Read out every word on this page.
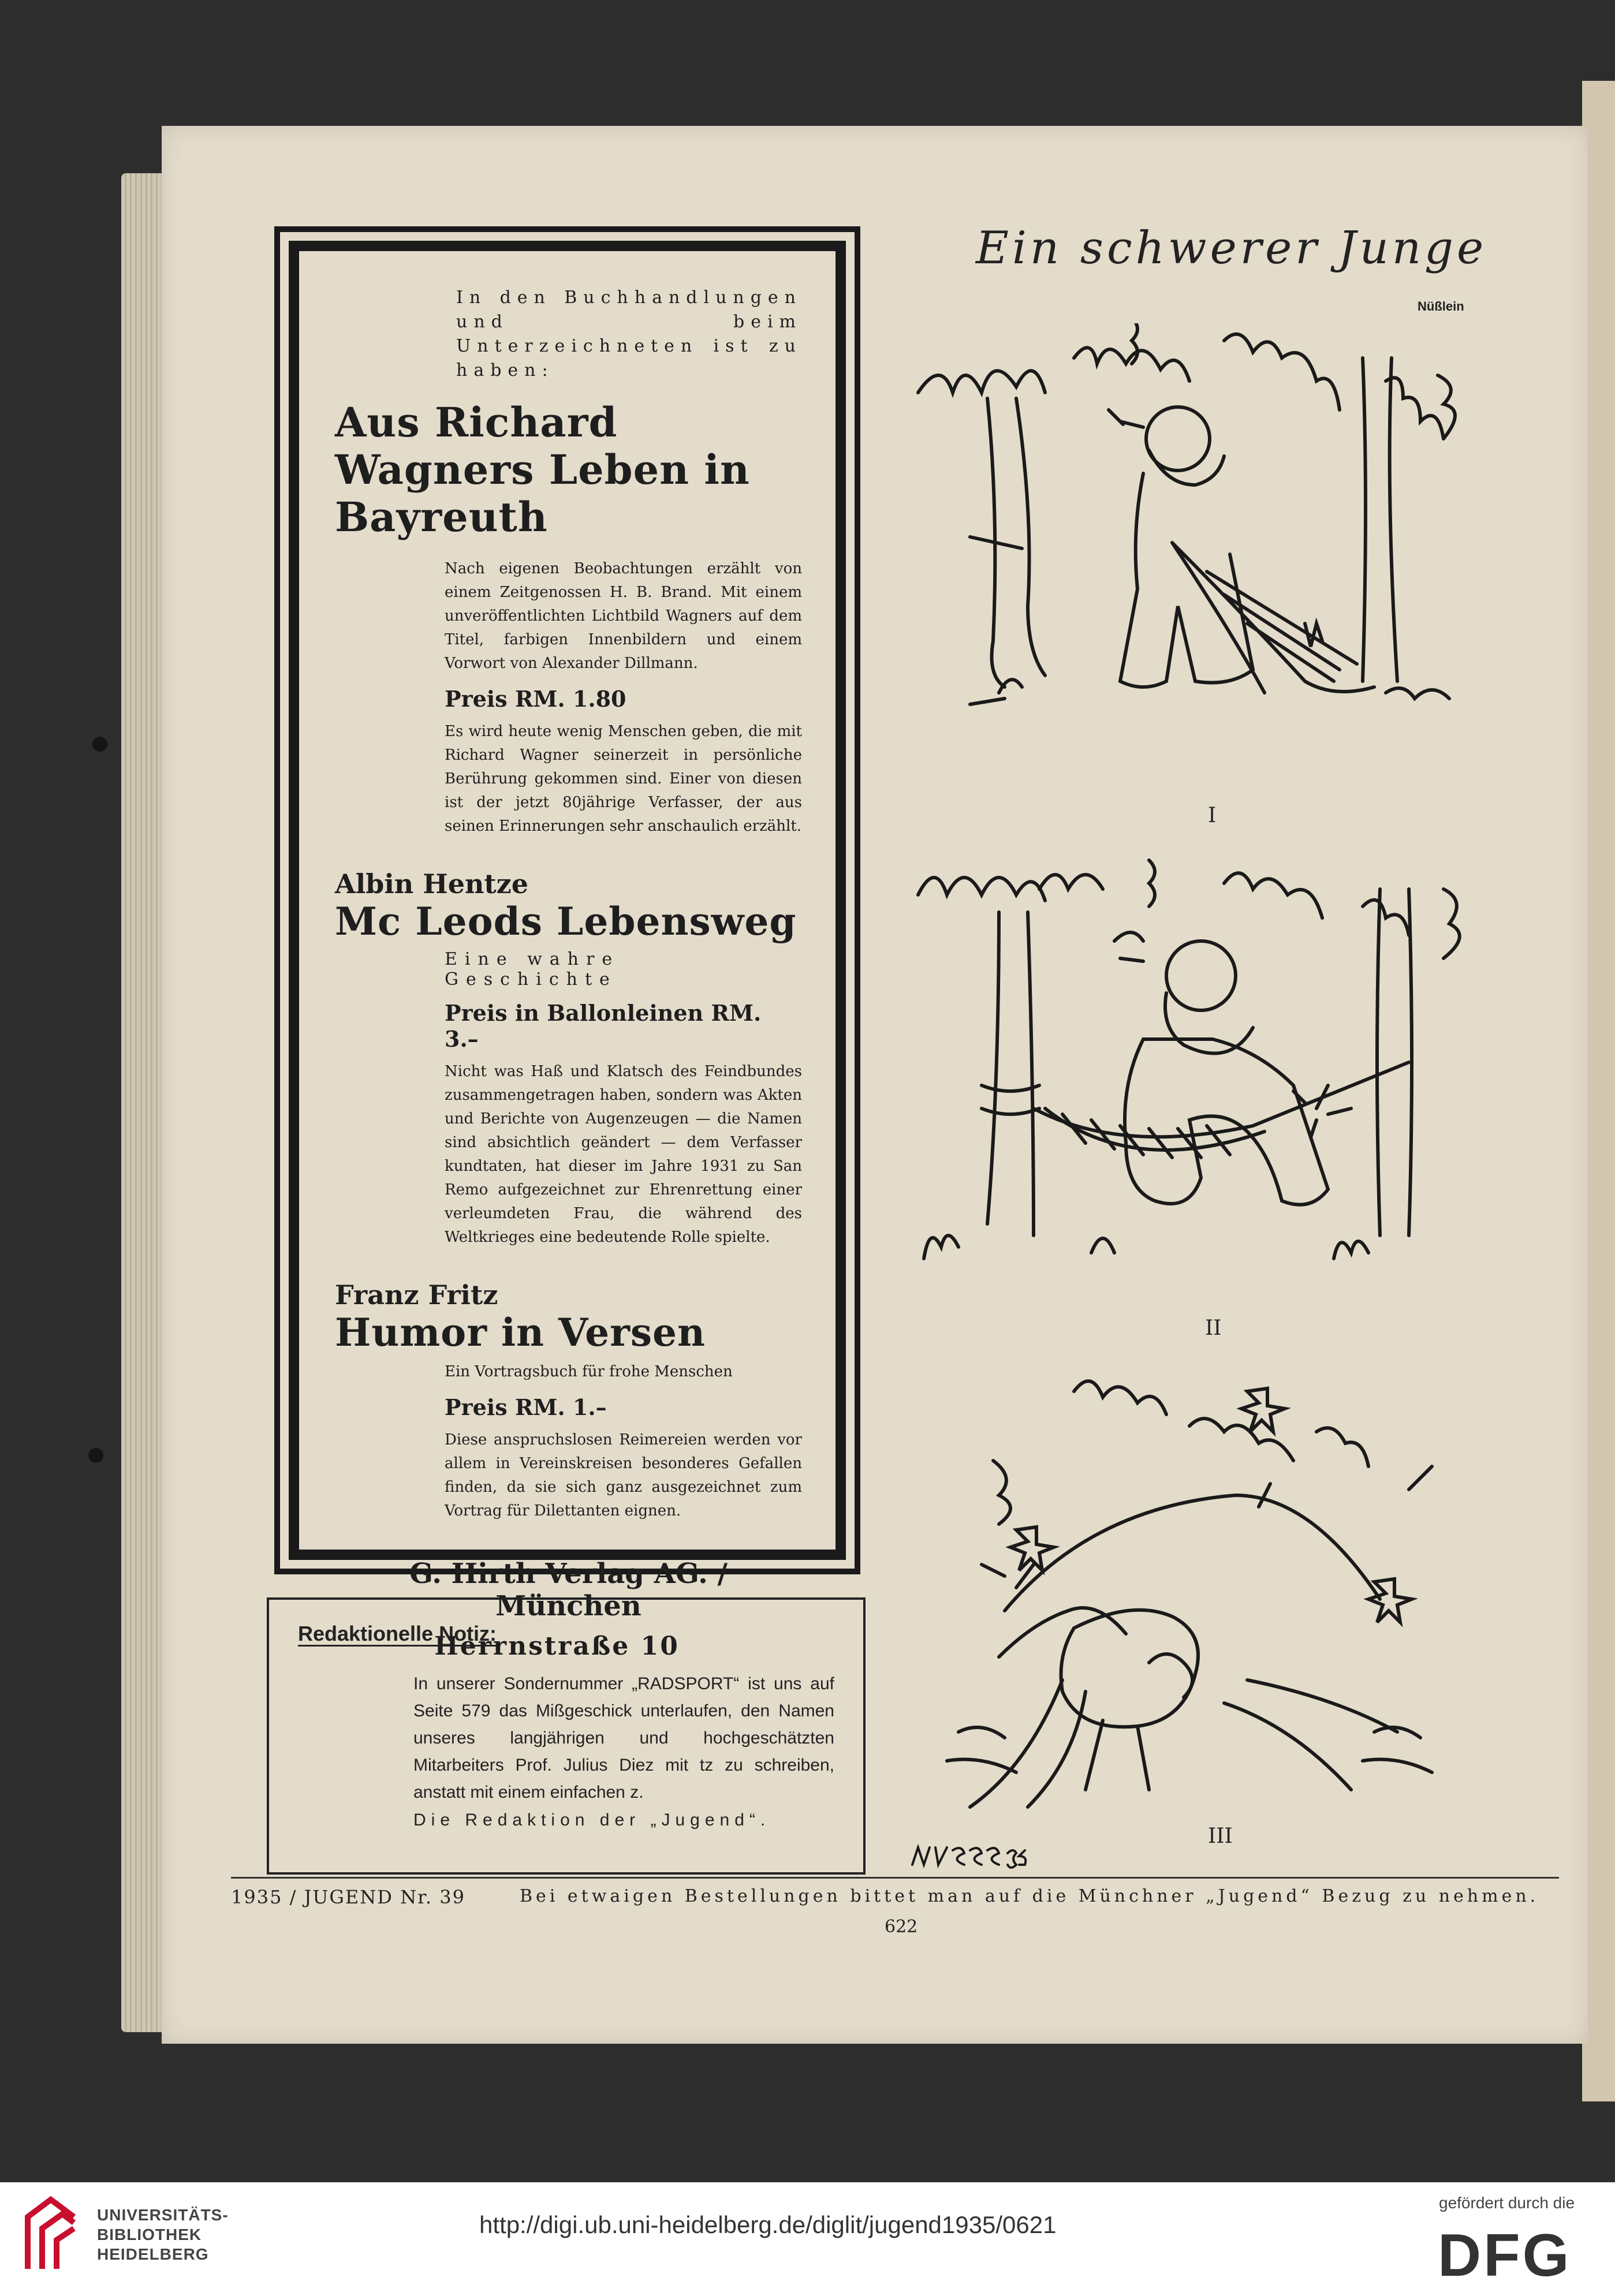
In den Buchhandlungen und beim Unterzeichneten ist zu haben:
Aus Richard Wagners Leben in Bayreuth
Nach eigenen Beobachtungen erzählt von einem Zeitgenossen H. B. Brand. Mit einem unveröffentlichten Lichtbild Wagners auf dem Titel, farbigen Innenbildern und einem Vorwort von Alexander Dillmann.
Preis RM. 1.80
Es wird heute wenig Menschen geben, die mit Richard Wagner seinerzeit in persönliche Berührung gekommen sind. Einer von diesen ist der jetzt 80jährige Verfasser, der aus seinen Erinnerungen sehr anschaulich erzählt.
Albin Hentze
Mc Leods Lebensweg
Eine wahre Geschichte
Preis in Ballonleinen RM. 3.–
Nicht was Haß und Klatsch des Feindbundes zusammengetragen haben, sondern was Akten und Berichte von Augenzeugen — die Namen sind absichtlich geändert — dem Verfasser kundtaten, hat dieser im Jahre 1931 zu San Remo aufgezeichnet zur Ehrenrettung einer verleumdeten Frau, die während des Weltkrieges eine bedeutende Rolle spielte.
Franz Fritz
Humor in Versen
Ein Vortragsbuch für frohe Menschen
Preis RM. 1.–
Diese anspruchslosen Reimereien werden vor allem in Vereinskreisen besonderes Gefallen finden, da sie sich ganz ausgezeichnet zum Vortrag für Dilettanten eignen.
G. Hirth Verlag AG. / München
Herrnstraße 10
Redaktionelle Notiz:
In unserer Sondernummer „RADSPORT“ ist uns auf Seite 579 das Mißgeschick unterlaufen, den Namen unseres langjährigen und hochgeschätzten Mitarbeiters Prof. Julius Diez mit tz zu schreiben, anstatt mit einem einfachen z.
Die Redaktion der „Jugend“.
Ein schwerer Junge
Nüßlein
I
II
III
1935 / JUGEND Nr. 39	Bei etwaigen Bestellungen bittet man auf die Münchner „Jugend“ Bezug zu nehmen.
622
UNIVERSITÄTS-
BIBLIOTHEK
HEIDELBERG
http://digi.ub.uni-heidelberg.de/diglit/jugend1935/0621
gefördert durch die
DFG
